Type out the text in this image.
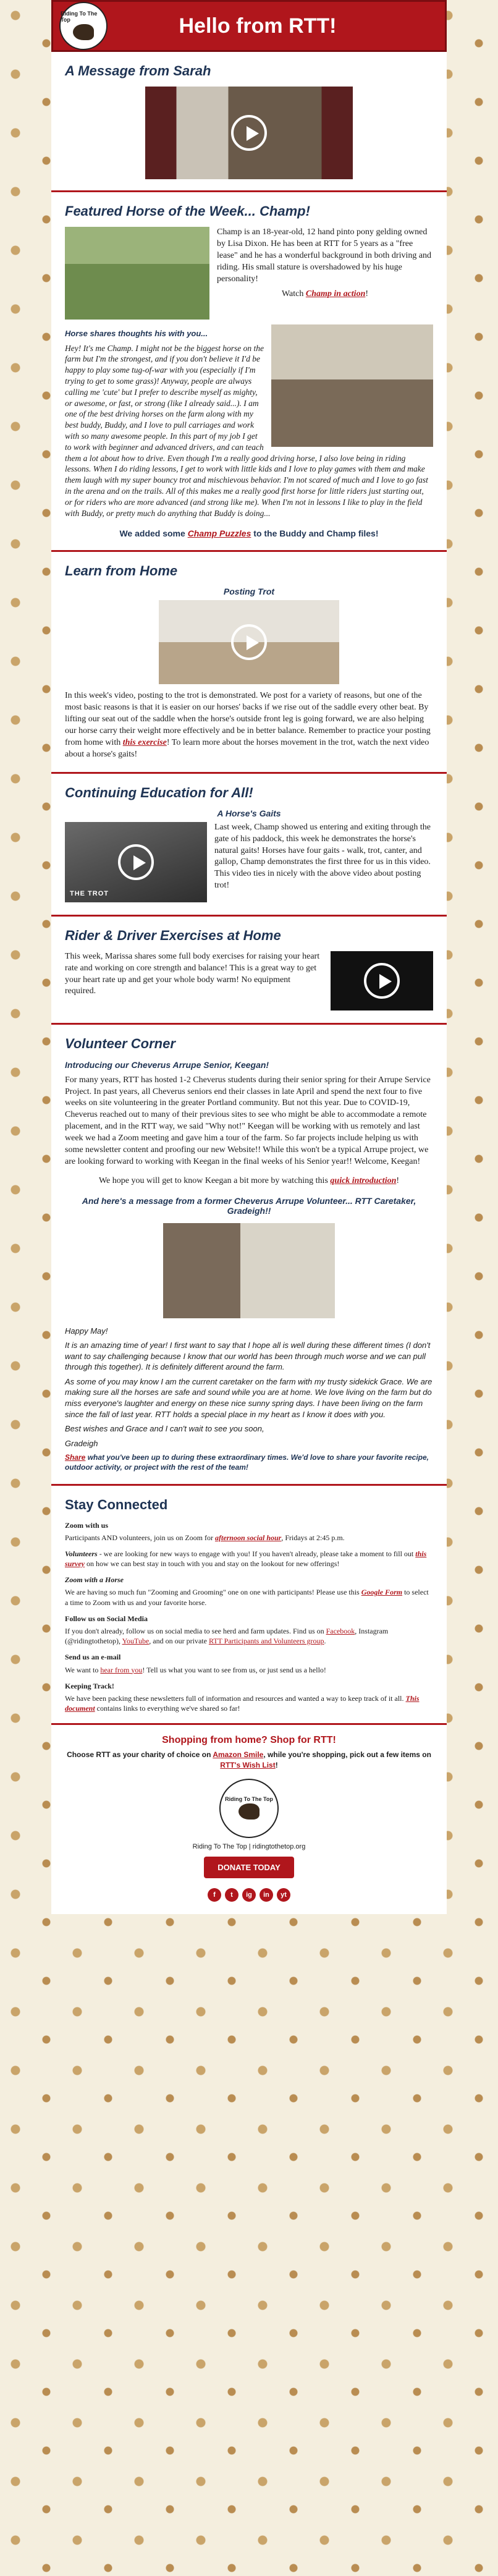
Riding To The Top	Hello from RTT!
A Message from Sarah
Featured Horse of the Week... Champ!

Champ is an 18-year-old, 12 hand pinto pony gelding owned by Lisa Dixon. He has been at RTT for 5 years as a "free lease" and he has a wonderful background in both driving and riding. His small stature is overshadowed by his huge personality!

Watch Champ in action!

Horse shares thoughts his with you...

Hey! It's me Champ. I might not be the biggest horse on the farm but I'm the strongest, and if you don't believe it I'd be happy to play some tug-of-war with you (especially if I'm trying to get to some grass)! Anyway, people are always calling me 'cute' but I prefer to describe myself as mighty, or awesome, or fast, or strong (like I already said...). I am one of the best driving horses on the farm along with my best buddy, Buddy, and I love to pull carriages and work with so many awesome people. In this part of my job I get to work with beginner and advanced drivers, and can teach them a lot about how to drive. Even though I'm a really good driving horse, I also love being in riding lessons. When I do riding lessons, I get to work with little kids and I love to play games with them and make them laugh with my super bouncy trot and mischievous behavior. I'm not scared of much and I love to go fast in the arena and on the trails. All of this makes me a really good first horse for little riders just starting out, or for riders who are more advanced (and strong like me). When I'm not in lessons I like to play in the field with Buddy, or pretty much do anything that Buddy is doing...

We added some Champ Puzzles to the Buddy and Champ files!

Learn from Home
Posting Trot

In this week's video, posting to the trot is demonstrated. We post for a variety of reasons, but one of the most basic reasons is that it is easier on our horses' backs if we rise out of the saddle every other beat. By lifting our seat out of the saddle when the horse's outside front leg is going forward, we are also helping our horse carry their weight more effectively and be in better balance. Remember to practice your posting from home with this exercise! To learn more about the horses movement in the trot, watch the next video about a horse's gaits!

Continuing Education for All!
A Horse's Gaits
THE TROT

Last week, Champ showed us entering and exiting through the gate of his paddock, this week he demonstrates the horse's natural gaits! Horses have four gaits - walk, trot, canter, and gallop, Champ demonstrates the first three for us in this video. This video ties in nicely with the above video about posting trot!

Rider & Driver Exercises at Home

This week, Marissa shares some full body exercises for raising your heart rate and working on core strength and balance! This is a great way to get your heart rate up and get your whole body warm! No equipment required.

Volunteer Corner

Introducing our Cheverus Arrupe Senior, Keegan!

For many years, RTT has hosted 1-2 Cheverus students during their senior spring for their Arrupe Service Project. In past years, all Cheverus seniors end their classes in late April and spend the next four to five weeks on site volunteering in the greater Portland community. But not this year. Due to COVID-19, Cheverus reached out to many of their previous sites to see who might be able to accommodate a remote placement, and in the RTT way, we said "Why not!" Keegan will be working with us remotely and last week we had a Zoom meeting and gave him a tour of the farm. So far projects include helping us with some newsletter content and proofing our new Website!! While this won't be a typical Arrupe project, we are looking forward to working with Keegan in the final weeks of his Senior year!! Welcome, Keegan!

We hope you will get to know Keegan a bit more by watching this quick introduction!

And here's a message from a former Cheverus Arrupe Volunteer... RTT Caretaker, Gradeigh!!

Happy May!

It is an amazing time of year! I first want to say that I hope all is well during these different times (I don't want to say challenging because I know that our world has been through much worse and we can pull through this together). It is definitely different around the farm.

As some of you may know I am the current caretaker on the farm with my trusty sidekick Grace. We are making sure all the horses are safe and sound while you are at home. We love living on the farm but do miss everyone's laughter and energy on these nice sunny spring days. I have been living on the farm since the fall of last year. RTT holds a special place in my heart as I know it does with you.

Best wishes and Grace and I can't wait to see you soon,

Gradeigh

Share what you've been up to during these extraordinary times. We'd love to share your favorite recipe, outdoor activity, or project with the rest of the team!

Stay Connected

Zoom with us

Participants AND volunteers, join us on Zoom for afternoon social hour, Fridays at 2:45 p.m.

Volunteers - we are looking for new ways to engage with you! If you haven't already, please take a moment to fill out this survey on how we can best stay in touch with you and stay on the lookout for new offerings!

Zoom with a Horse

We are having so much fun "Zooming and Grooming" one on one with participants! Please use this Google Form to select a time to Zoom with us and your favorite horse.

Follow us on Social Media

If you don't already, follow us on social media to see herd and farm updates. Find us on Facebook, Instagram (@ridingtothetop), YouTube, and on our private RTT Participants and Volunteers group.

Send us an e-mail

We want to hear from you! Tell us what you want to see from us, or just send us a hello!

Keeping Track!

We have been packing these newsletters full of information and resources and wanted a way to keep track of it all. This document contains links to everything we've shared so far!

Shopping from home? Shop for RTT!

Choose RTT as your charity of choice on Amazon Smile, while you're shopping, pick out a few items on RTT's Wish List!

Riding To The Top
Riding To The Top | ridingtothetop.org
DONATE TODAY
f	t	ig	in	yt
